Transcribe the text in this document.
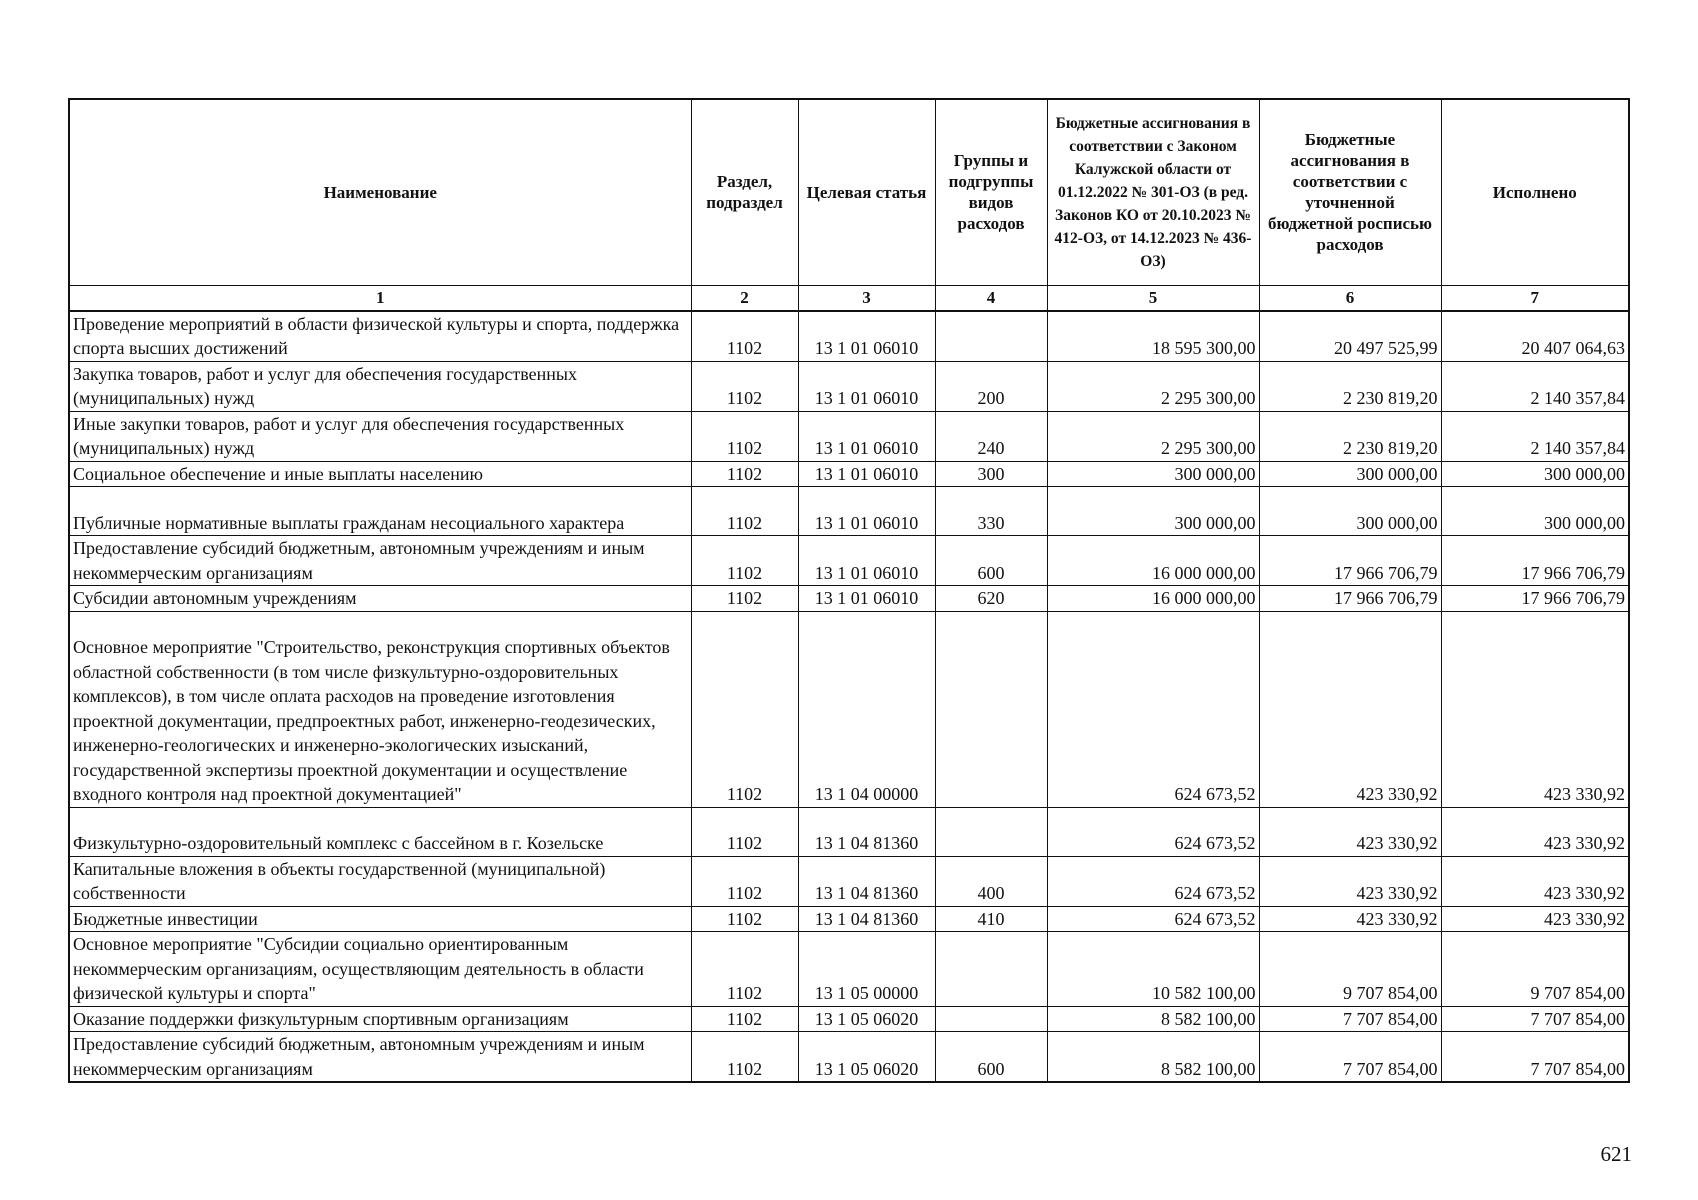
Наименование	Раздел, подраздел	Целевая статья	Группы и подгруппы видов расходов	Бюджетные ассигнования в соответствии с Законом Калужской области от 01.12.2022 № 301-ОЗ (в ред. Законов КО от 20.10.2023 № 412-ОЗ, от 14.12.2023 № 436-ОЗ)	Бюджетные ассигнования в соответствии с уточненной бюджетной росписью расходов	Исполнено
1	2	3	4	5	6	7
Проведение мероприятий в области физической культуры и спорта, поддержка спорта высших достижений	1102	13 1 01 06010		18 595 300,00	20 497 525,99	20 407 064,63
Закупка товаров, работ и услуг для обеспечения государственных (муниципальных) нужд	1102	13 1 01 06010	200	2 295 300,00	2 230 819,20	2 140 357,84
Иные закупки товаров, работ и услуг для обеспечения государственных (муниципальных) нужд	1102	13 1 01 06010	240	2 295 300,00	2 230 819,20	2 140 357,84
Социальное обеспечение и иные выплаты населению	1102	13 1 01 06010	300	300 000,00	300 000,00	300 000,00
Публичные нормативные выплаты гражданам несоциального характера	1102	13 1 01 06010	330	300 000,00	300 000,00	300 000,00
Предоставление субсидий бюджетным, автономным учреждениям и иным некоммерческим организациям	1102	13 1 01 06010	600	16 000 000,00	17 966 706,79	17 966 706,79
Субсидии автономным учреждениям	1102	13 1 01 06010	620	16 000 000,00	17 966 706,79	17 966 706,79
Основное мероприятие "Строительство, реконструкция спортивных объектов областной собственности (в том числе физкультурно-оздоровительных комплексов), в том числе оплата расходов на проведение изготовления проектной документации, предпроектных работ, инженерно-геодезических, инженерно-геологических и инженерно-экологических изысканий, государственной экспертизы проектной документации и осуществление входного контроля над проектной документацией"	1102	13 1 04 00000		624 673,52	423 330,92	423 330,92
Физкультурно-оздоровительный комплекс с бассейном в г. Козельске	1102	13 1 04 81360		624 673,52	423 330,92	423 330,92
Капитальные вложения в объекты государственной (муниципальной) собственности	1102	13 1 04 81360	400	624 673,52	423 330,92	423 330,92
Бюджетные инвестиции	1102	13 1 04 81360	410	624 673,52	423 330,92	423 330,92
Основное мероприятие "Субсидии социально ориентированным некоммерческим организациям, осуществляющим деятельность в области физической культуры и спорта"	1102	13 1 05 00000		10 582 100,00	9 707 854,00	9 707 854,00
Оказание поддержки физкультурным спортивным организациям	1102	13 1 05 06020		8 582 100,00	7 707 854,00	7 707 854,00
Предоставление субсидий бюджетным, автономным учреждениям и иным некоммерческим организациям	1102	13 1 05 06020	600	8 582 100,00	7 707 854,00	7 707 854,00
621
